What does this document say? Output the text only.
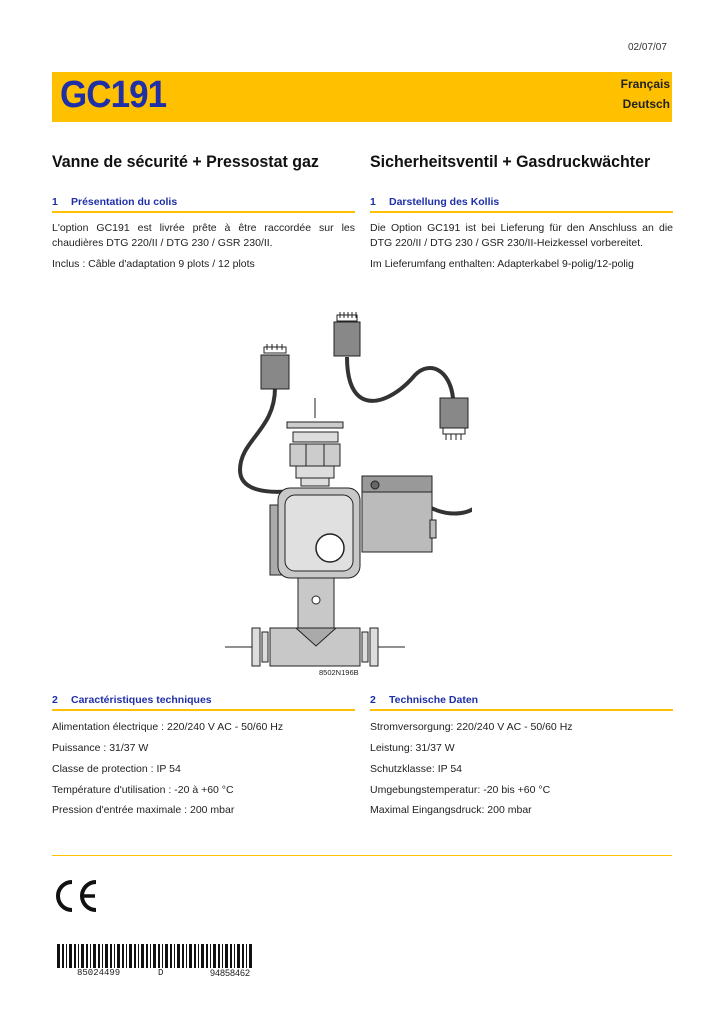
02/07/07
GC191	Français
Deutsch
Vanne de sécurité + Pressostat gaz
1 Présentation du colis
L'option GC191 est livrée prête à être raccordée sur les chaudières DTG 220/II / DTG 230 / GSR 230/II.
Inclus : Câble d'adaptation 9 plots / 12 plots
Sicherheitsventil + Gasdruckwächter
1 Darstellung des Kollis
Die Option GC191 ist bei Lieferung für den Anschluss an die DTG 220/II / DTG 230 / GSR 230/II-Heizkessel vorbereitet.
Im Lieferumfang enthalten: Adapterkabel 9-polig/12-polig
8502N196B
2 Caractéristiques techniques
Alimentation électrique : 220/240 V AC - 50/60 Hz
Puissance : 31/37 W
Classe de protection : IP 54
Température d'utilisation : -20 à +60 °C
Pression d'entrée maximale : 200 mbar
2 Technische Daten
Stromversorgung: 220/240 V AC - 50/60 Hz
Leistung: 31/37 W
Schutzklasse: IP 54
Umgebungstemperatur: -20 bis +60 °C
Maximal Eingangsdruck: 200 mbar
85024499	D	94858462
